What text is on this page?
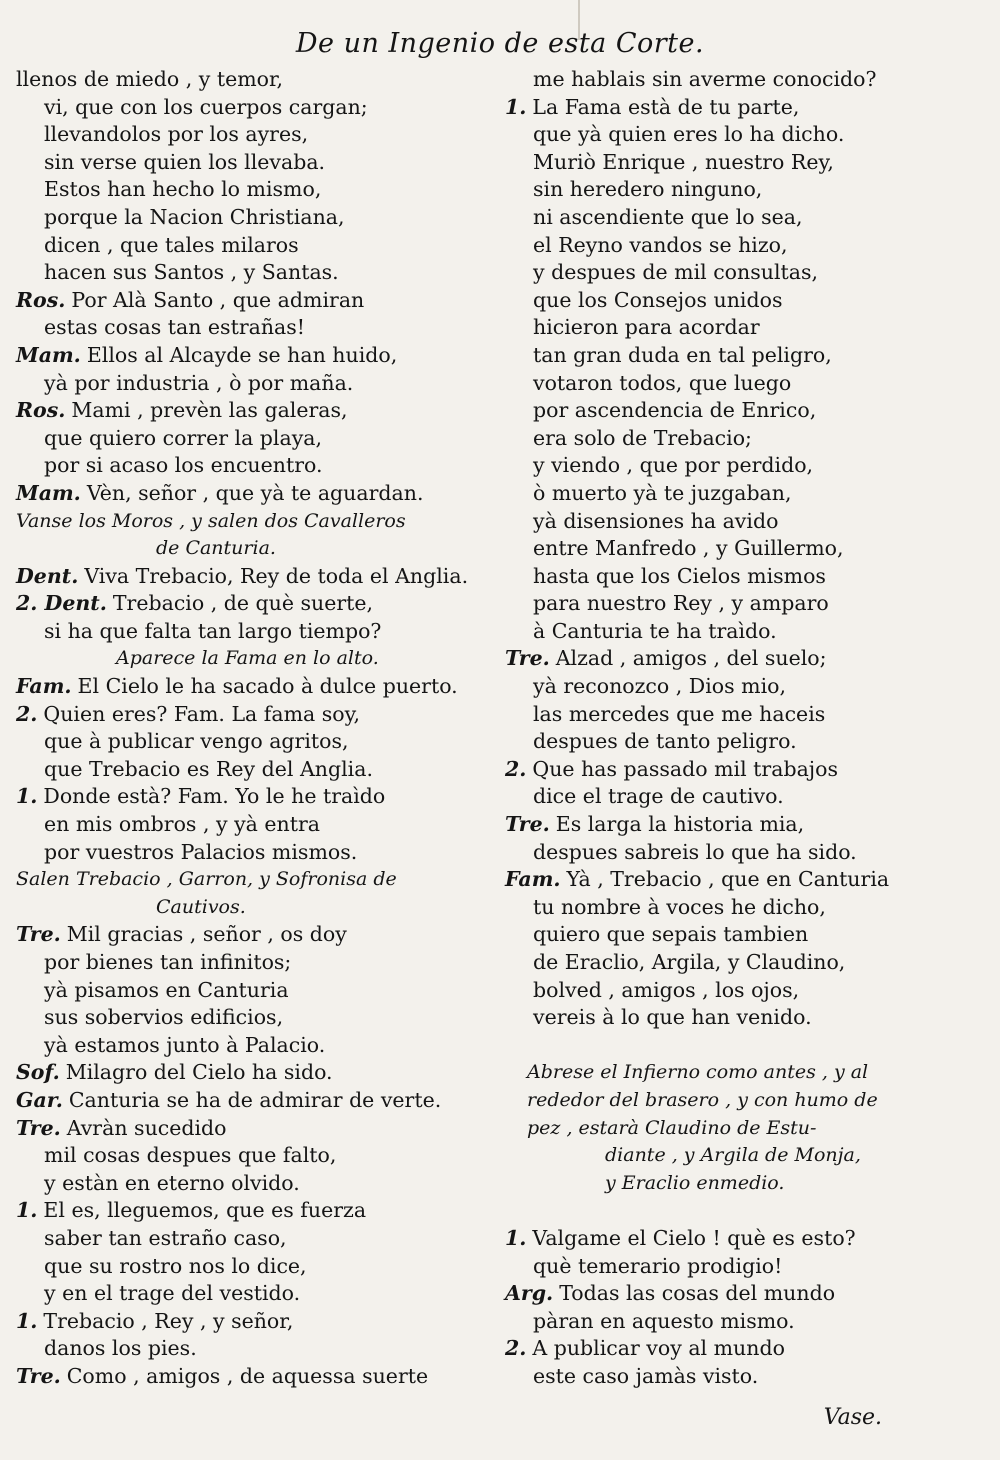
De un Ingenio de esta Corte.
llenos de miedo , y temor,
vi, que con los cuerpos cargan;
llevandolos por los ayres,
sin verse quien los llevaba.
Estos han hecho lo mismo,
porque la Nacion Christiana,
dicen , que tales milaros
hacen sus Santos , y Santas.
Ros. Por Alà Santo , que admiran
estas cosas tan estrañas!
Mam. Ellos al Alcayde se han huido,
yà por industria , ò por maña.
Ros. Mami , prevèn las galeras,
que quiero correr la playa,
por si acaso los encuentro.
Mam. Vèn, señor , que yà te aguardan.
Vanse los Moros , y salen dos Cavalleros
de Canturia.
Dent. Viva Trebacio, Rey de toda el Anglia.
2. Dent. Trebacio , de què suerte,
si ha que falta tan largo tiempo?
Aparece la Fama en lo alto.
Fam. El Cielo le ha sacado à dulce puerto.
2. Quien eres? Fam. La fama soy,
que à publicar vengo agritos,
que Trebacio es Rey del Anglia.
1. Donde està? Fam. Yo le he traìdo
en mis ombros , y yà entra
por vuestros Palacios mismos.
Salen Trebacio , Garron, y Sofronisa de
Cautivos.
Tre. Mil gracias , señor , os doy
por bienes tan infinitos;
yà pisamos en Canturia
sus sobervios edificios,
yà estamos junto à Palacio.
Sof. Milagro del Cielo ha sido.
Gar. Canturia se ha de admirar de verte.
Tre. Avràn sucedido
mil cosas despues que falto,
y estàn en eterno olvido.
1. El es, lleguemos, que es fuerza
saber tan estraño caso,
que su rostro nos lo dice,
y en el trage del vestido.
1. Trebacio , Rey , y señor,
danos los pies.
Tre. Como , amigos , de aquessa suerte
me hablais sin averme conocido?
1. La Fama està de tu parte,
que yà quien eres lo ha dicho.
Muriò Enrique , nuestro Rey,
sin heredero ninguno,
ni ascendiente que lo sea,
el Reyno vandos se hizo,
y despues de mil consultas,
que los Consejos unidos
hicieron para acordar
tan gran duda en tal peligro,
votaron todos, que luego
por ascendencia de Enrico,
era solo de Trebacio;
y viendo , que por perdido,
ò muerto yà te juzgaban,
yà disensiones ha avido
entre Manfredo , y Guillermo,
hasta que los Cielos mismos
para nuestro Rey , y amparo
à Canturia te ha traìdo.
Tre. Alzad , amigos , del suelo;
yà reconozco , Dios mio,
las mercedes que me haceis
despues de tanto peligro.
2. Que has passado mil trabajos
dice el trage de cautivo.
Tre. Es larga la historia mia,
despues sabreis lo que ha sido.
Fam. Yà , Trebacio , que en Canturia
tu nombre à voces he dicho,
quiero que sepais tambien
de Eraclio, Argila, y Claudino,
bolved , amigos , los ojos,
vereis à lo que han venido.
Abrese el Infierno como antes , y al
rededor del brasero , y con humo de
pez , estarà Claudino de Estu-
diante , y Argila de Monja,
y Eraclio enmedio.
1. Valgame el Cielo ! què es esto?
què temerario prodigio!
Arg. Todas las cosas del mundo
pàran en aquesto mismo.
2. A publicar voy al mundo
este caso jamàs visto.
Vase.
